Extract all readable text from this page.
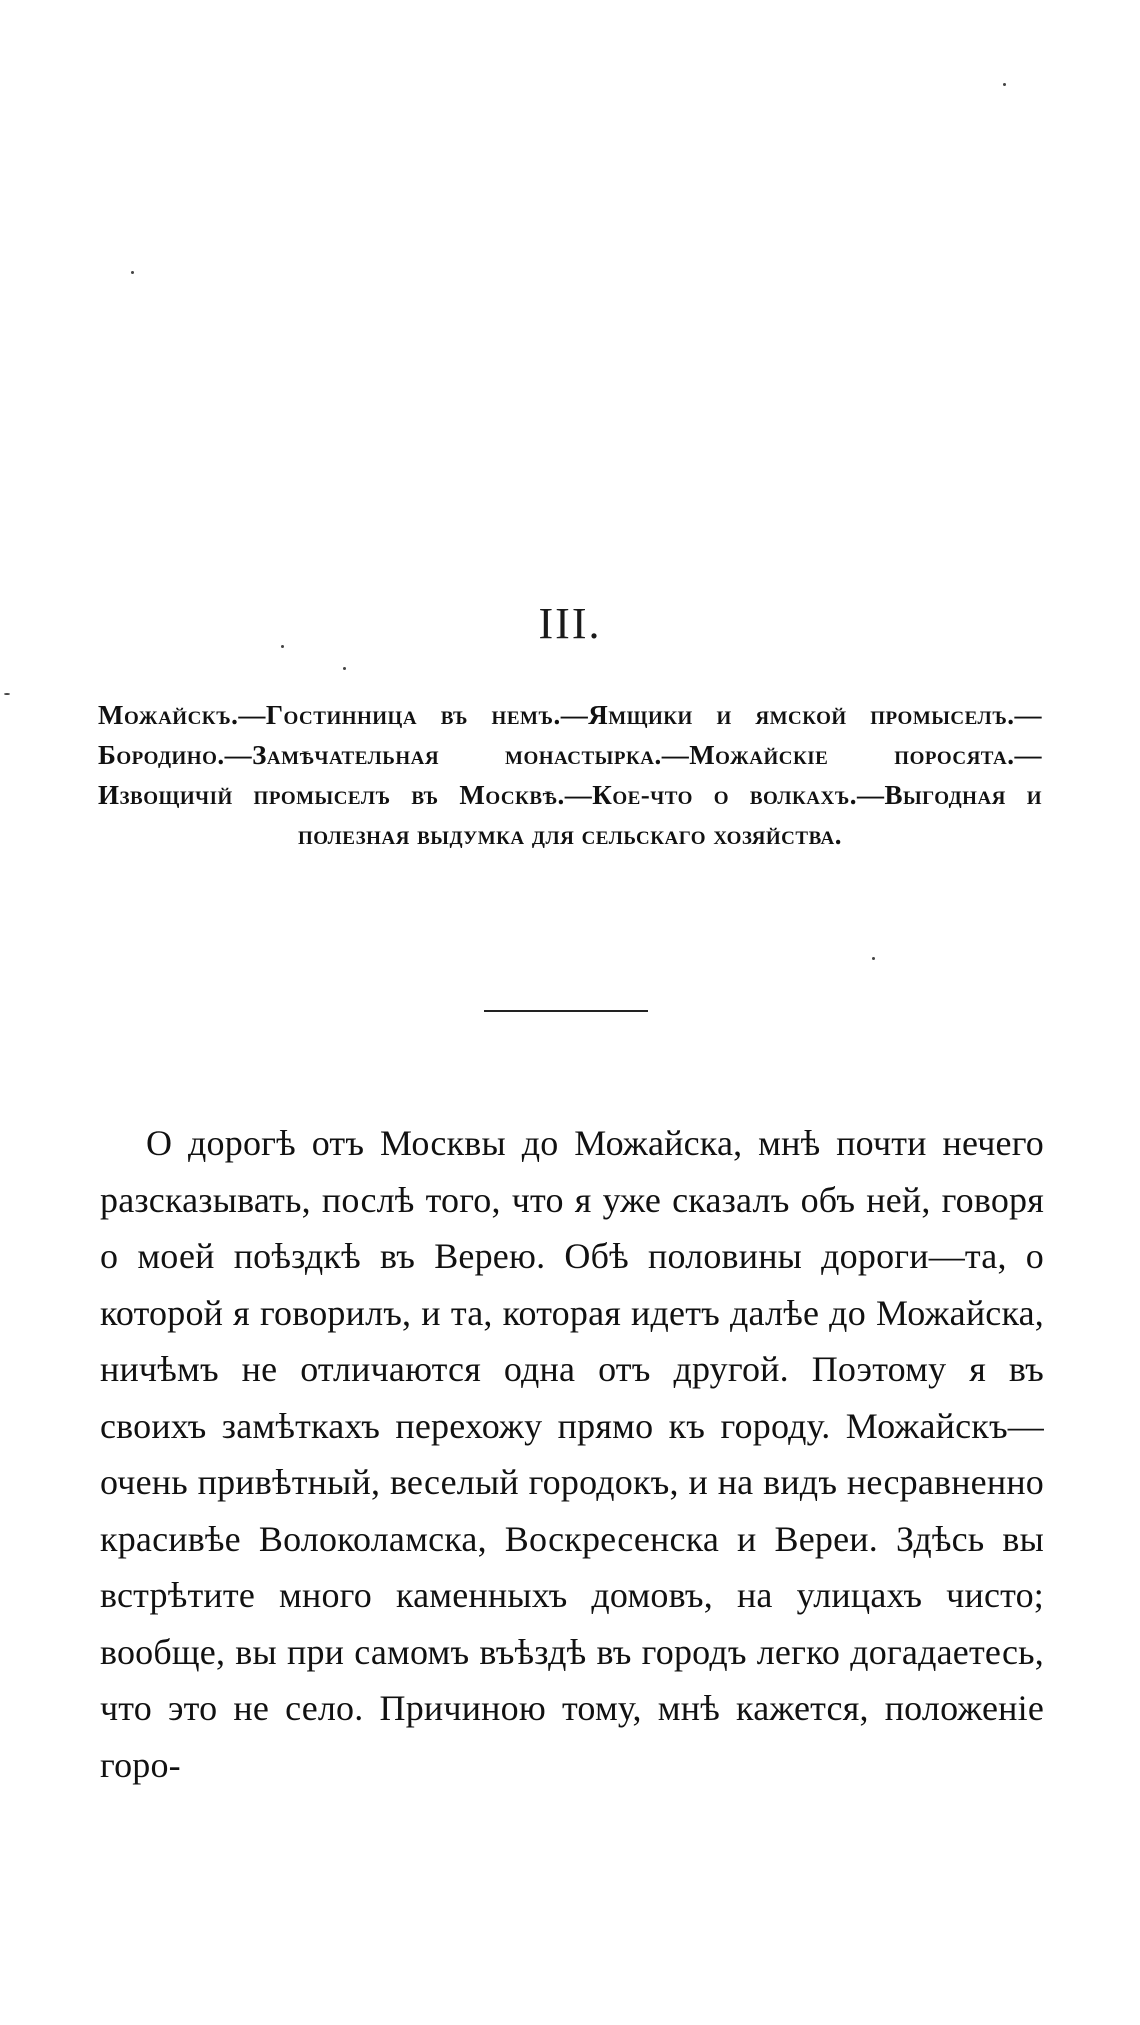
III.
Можайскъ.—Гостинница въ немъ.—Ямщики и ямской промыселъ.—Бородино.—Замѣчательная монастырка.—Можайскіе поросята.—Извощичій промыселъ въ Москвѣ.—Кое-что о волкахъ.—Выгодная и полезная выдумка для сельскаго хозяйства.

О дорогѣ отъ Москвы до Можайска, мнѣ почти нечего разсказывать, послѣ того, что я уже сказалъ объ ней, говоря о моей поѣздкѣ въ Верею. Обѣ половины дороги—та, о которой я говорилъ, и та, которая идетъ далѣе до Можайска, ничѣмъ не отличаются одна отъ другой. Поэтому я въ своихъ замѣткахъ перехожу прямо къ городу. Можайскъ—очень привѣтный, веселый городокъ, и на видъ несравненно красивѣе Волоколамска, Воскресенска и Вереи. Здѣсь вы встрѣтите много каменныхъ домовъ, на улицахъ чисто; вообще, вы при самомъ въѣздѣ въ городъ легко догадаетесь, что это не село. Причиною тому, мнѣ кажется, положеніе горо-
